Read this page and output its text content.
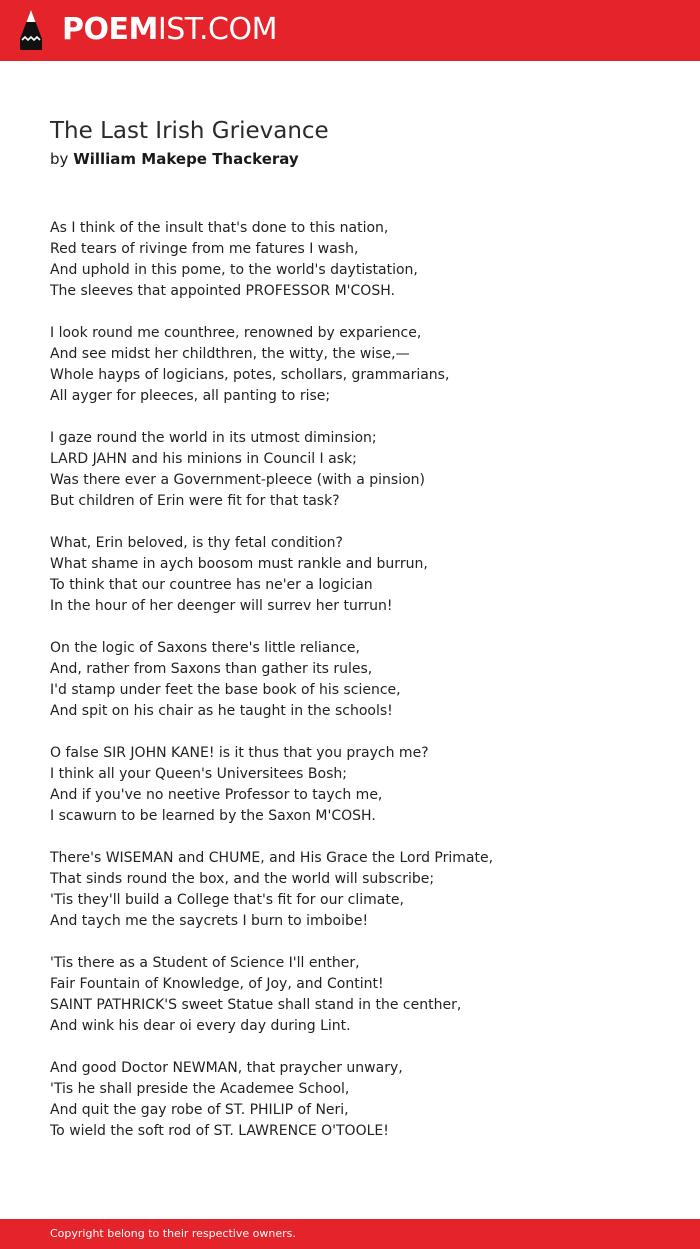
POEMIST.COM
The Last Irish Grievance
by William Makepe Thackeray
As I think of the insult that's done to this nation,
Red tears of rivinge from me fatures I wash,
And uphold in this pome, to the world's daytistation,
The sleeves that appointed PROFESSOR M'COSH.
I look round me counthree, renowned by exparience,
And see midst her childthren, the witty, the wise,—
Whole hayps of logicians, potes, schollars, grammarians,
All ayger for pleeces, all panting to rise;
I gaze round the world in its utmost diminsion;
LARD JAHN and his minions in Council I ask;
Was there ever a Government-pleece (with a pinsion)
But children of Erin were fit for that task?
What, Erin beloved, is thy fetal condition?
What shame in aych boosom must rankle and burrun,
To think that our countree has ne'er a logician
In the hour of her deenger will surrev her turrun!
On the logic of Saxons there's little reliance,
And, rather from Saxons than gather its rules,
I'd stamp under feet the base book of his science,
And spit on his chair as he taught in the schools!
O false SIR JOHN KANE! is it thus that you praych me?
I think all your Queen's Universitees Bosh;
And if you've no neetive Professor to taych me,
I scawurn to be learned by the Saxon M'COSH.
There's WISEMAN and CHUME, and His Grace the Lord Primate,
That sinds round the box, and the world will subscribe;
'Tis they'll build a College that's fit for our climate,
And taych me the saycrets I burn to imboibe!
'Tis there as a Student of Science I'll enther,
Fair Fountain of Knowledge, of Joy, and Contint!
SAINT PATHRICK'S sweet Statue shall stand in the centher,
And wink his dear oi every day during Lint.
And good Doctor NEWMAN, that praycher unwary,
'Tis he shall preside the Academee School,
And quit the gay robe of ST. PHILIP of Neri,
To wield the soft rod of ST. LAWRENCE O'TOOLE!
Copyright belong to their respective owners.
